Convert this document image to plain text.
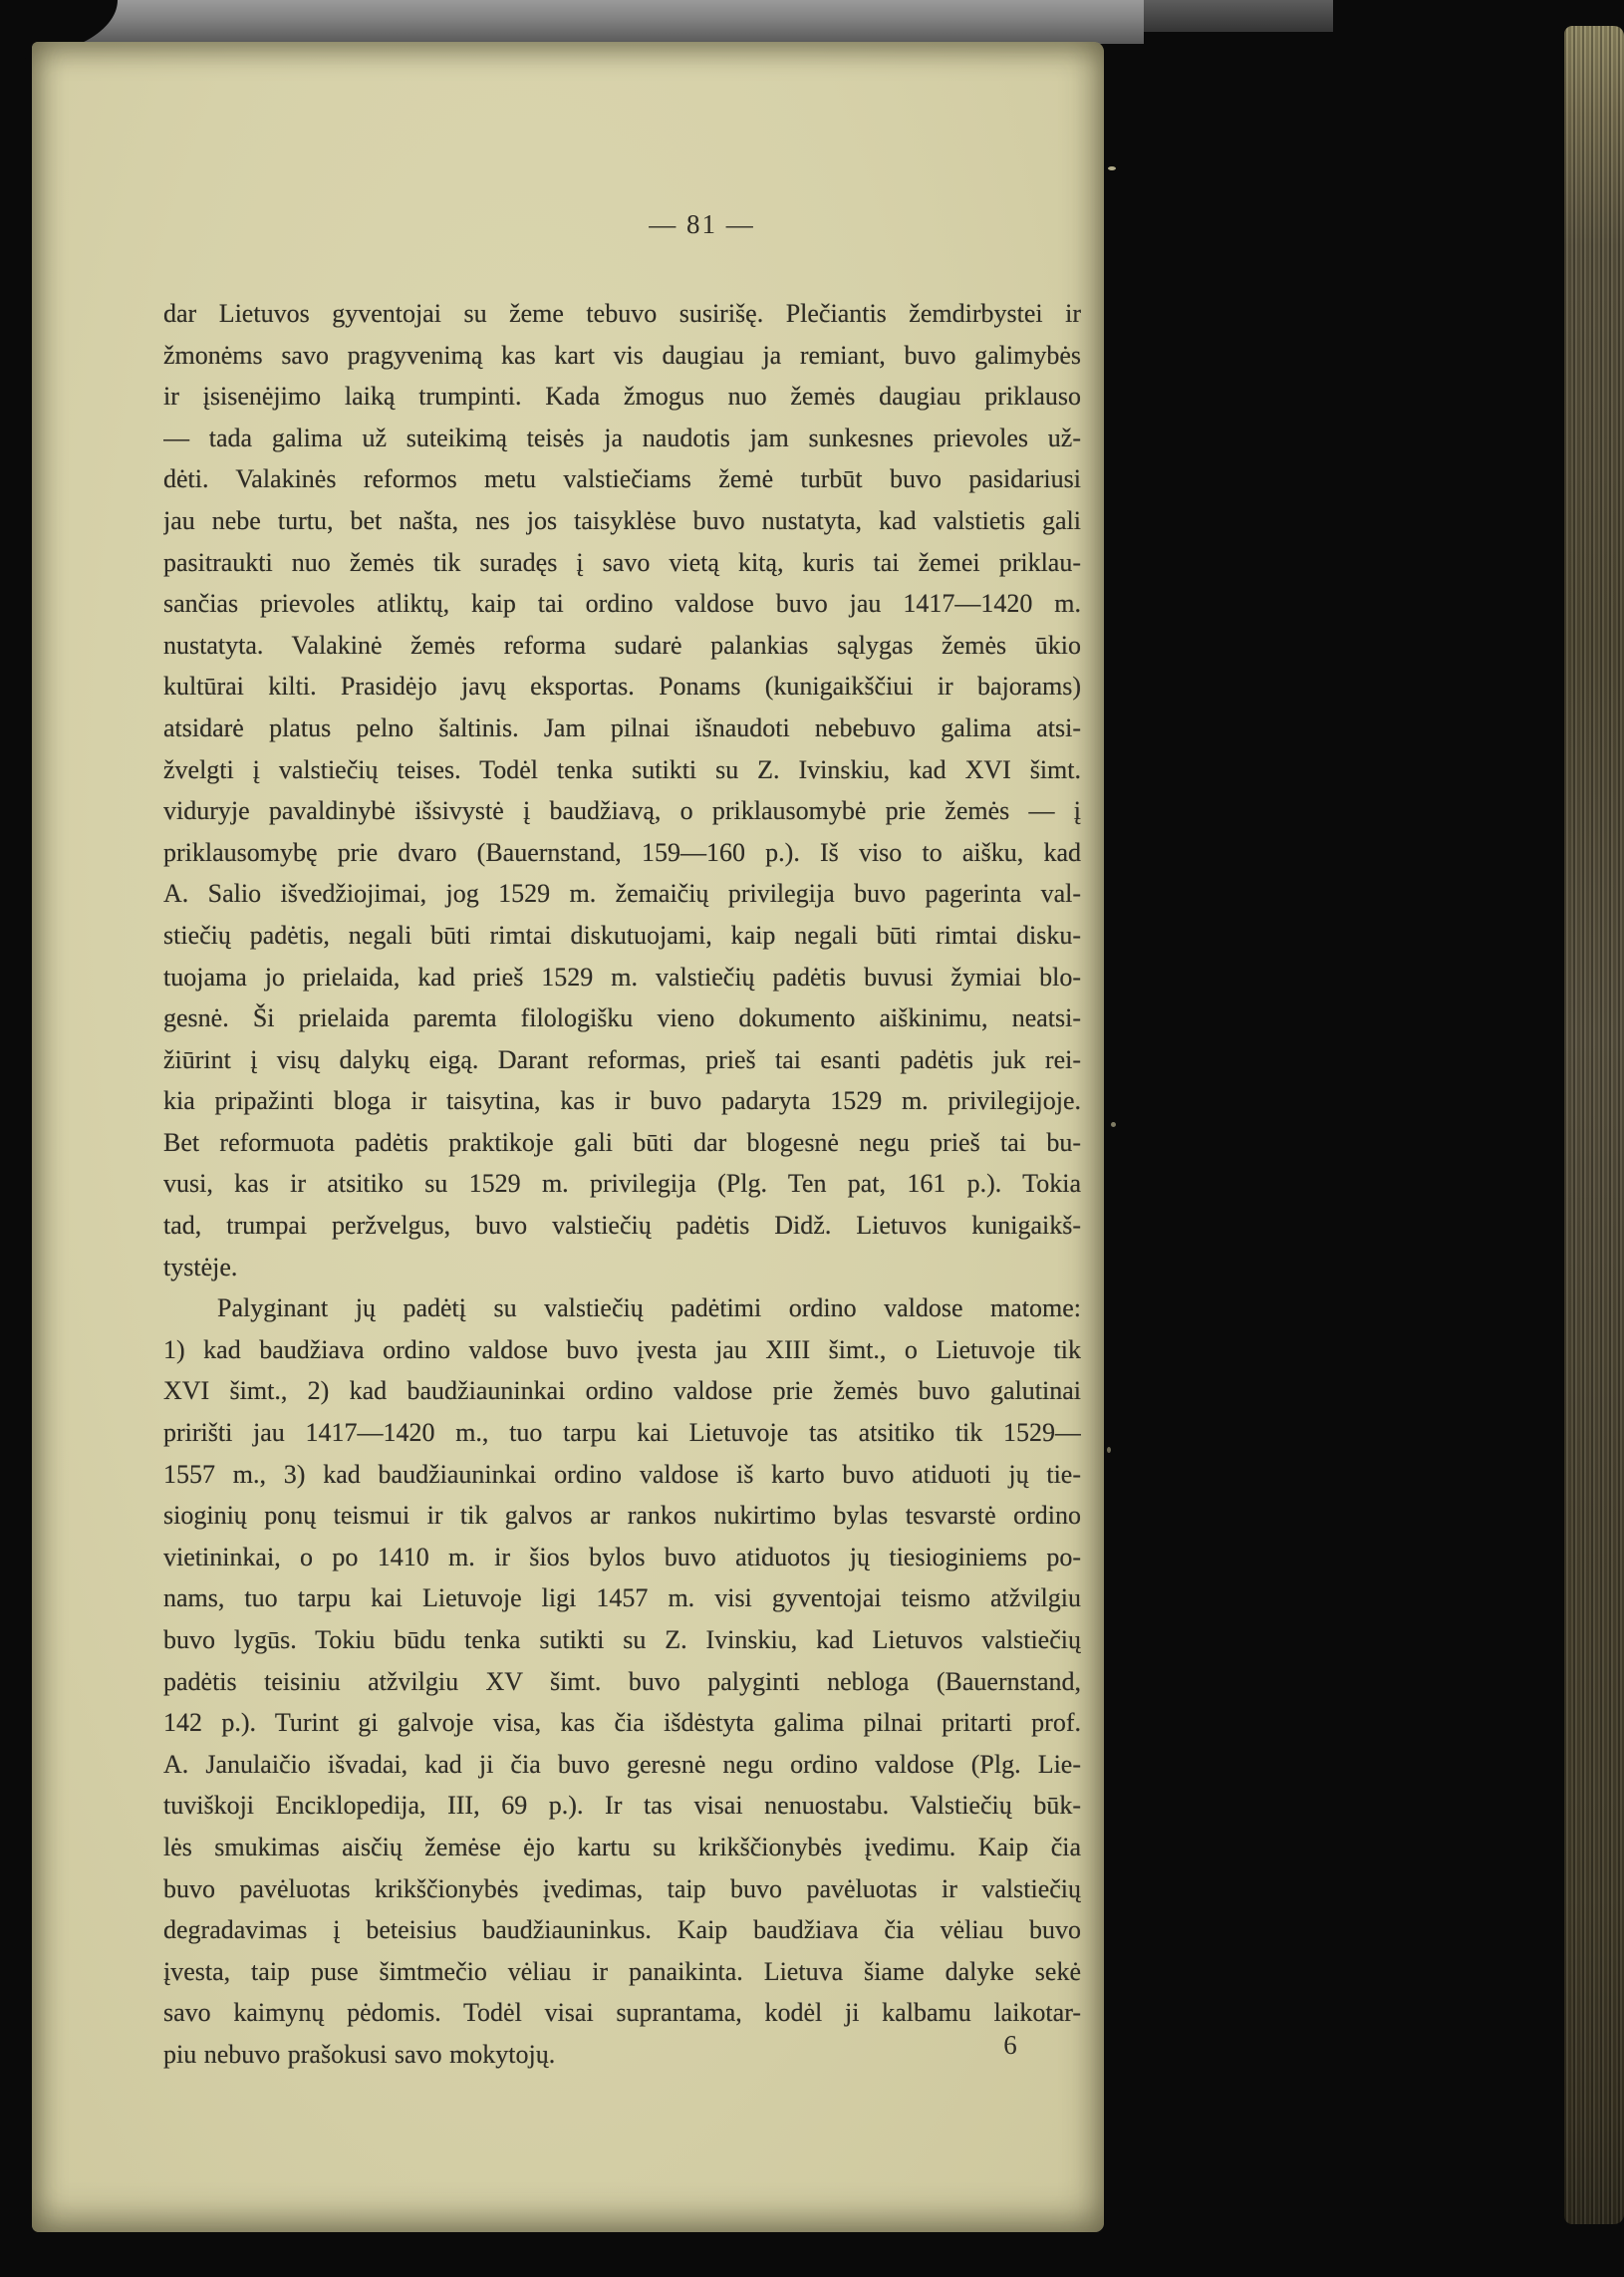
— 81 —
dar Lietuvos gyventojai su žeme tebuvo susirišę. Plečiantis žemdirbystei ir
žmonėms savo pragyvenimą kas kart vis daugiau ja remiant, buvo galimybės
ir įsisenėjimo laiką trumpinti. Kada žmogus nuo žemės daugiau priklauso
— tada galima už suteikimą teisės ja naudotis jam sunkesnes prievoles už-
dėti. Valakinės reformos metu valstiečiams žemė turbūt buvo pasidariusi
jau nebe turtu, bet našta, nes jos taisyklėse buvo nustatyta, kad valstietis gali
pasitraukti nuo žemės tik suradęs į savo vietą kitą, kuris tai žemei priklau-
sančias prievoles atliktų, kaip tai ordino valdose buvo jau 1417—1420 m.
nustatyta. Valakinė žemės reforma sudarė palankias sąlygas žemės ūkio
kultūrai kilti. Prasidėjo javų eksportas. Ponams (kunigaikščiui ir bajorams)
atsidarė platus pelno šaltinis. Jam pilnai išnaudoti nebebuvo galima atsi-
žvelgti į valstiečių teises. Todėl tenka sutikti su Z. Ivinskiu, kad XVI šimt.
viduryje pavaldinybė išsivystė į baudžiavą, o priklausomybė prie žemės — į
priklausomybę prie dvaro (Bauernstand, 159—160 p.). Iš viso to aišku, kad
A. Salio išvedžiojimai, jog 1529 m. žemaičių privilegija buvo pagerinta val-
stiečių padėtis, negali būti rimtai diskutuojami, kaip negali būti rimtai disku-
tuojama jo prielaida, kad prieš 1529 m. valstiečių padėtis buvusi žymiai blo-
gesnė. Ši prielaida paremta filologišku vieno dokumento aiškinimu, neatsi-
žiūrint į visų dalykų eigą. Darant reformas, prieš tai esanti padėtis juk rei-
kia pripažinti bloga ir taisytina, kas ir buvo padaryta 1529 m. privilegijoje.
Bet reformuota padėtis praktikoje gali būti dar blogesnė negu prieš tai bu-
vusi, kas ir atsitiko su 1529 m. privilegija (Plg. Ten pat, 161 p.). Tokia
tad, trumpai peržvelgus, buvo valstiečių padėtis Didž. Lietuvos kunigaikš-
tystėje.
Palyginant jų padėtį su valstiečių padėtimi ordino valdose matome:
1) kad baudžiava ordino valdose buvo įvesta jau XIII šimt., o Lietuvoje tik
XVI šimt., 2) kad baudžiauninkai ordino valdose prie žemės buvo galutinai
pririšti jau 1417—1420 m., tuo tarpu kai Lietuvoje tas atsitiko tik 1529—
1557 m., 3) kad baudžiauninkai ordino valdose iš karto buvo atiduoti jų tie-
sioginių ponų teismui ir tik galvos ar rankos nukirtimo bylas tesvarstė ordino
vietininkai, o po 1410 m. ir šios bylos buvo atiduotos jų tiesioginiems po-
nams, tuo tarpu kai Lietuvoje ligi 1457 m. visi gyventojai teismo atžvilgiu
buvo lygūs. Tokiu būdu tenka sutikti su Z. Ivinskiu, kad Lietuvos valstiečių
padėtis teisiniu atžvilgiu XV šimt. buvo palyginti nebloga (Bauernstand,
142 p.). Turint gi galvoje visa, kas čia išdėstyta galima pilnai pritarti prof.
A. Janulaičio išvadai, kad ji čia buvo geresnė negu ordino valdose (Plg. Lie-
tuviškoji Enciklopedija, III, 69 p.). Ir tas visai nenuostabu. Valstiečių būk-
lės smukimas aisčių žemėse ėjo kartu su krikščionybės įvedimu. Kaip čia
buvo pavėluotas krikščionybės įvedimas, taip buvo pavėluotas ir valstiečių
degradavimas į beteisius baudžiauninkus. Kaip baudžiava čia vėliau buvo
įvesta, taip puse šimtmečio vėliau ir panaikinta. Lietuva šiame dalyke sekė
savo kaimynų pėdomis. Todėl visai suprantama, kodėl ji kalbamu laikotar-
piu nebuvo prašokusi savo mokytojų.	6
